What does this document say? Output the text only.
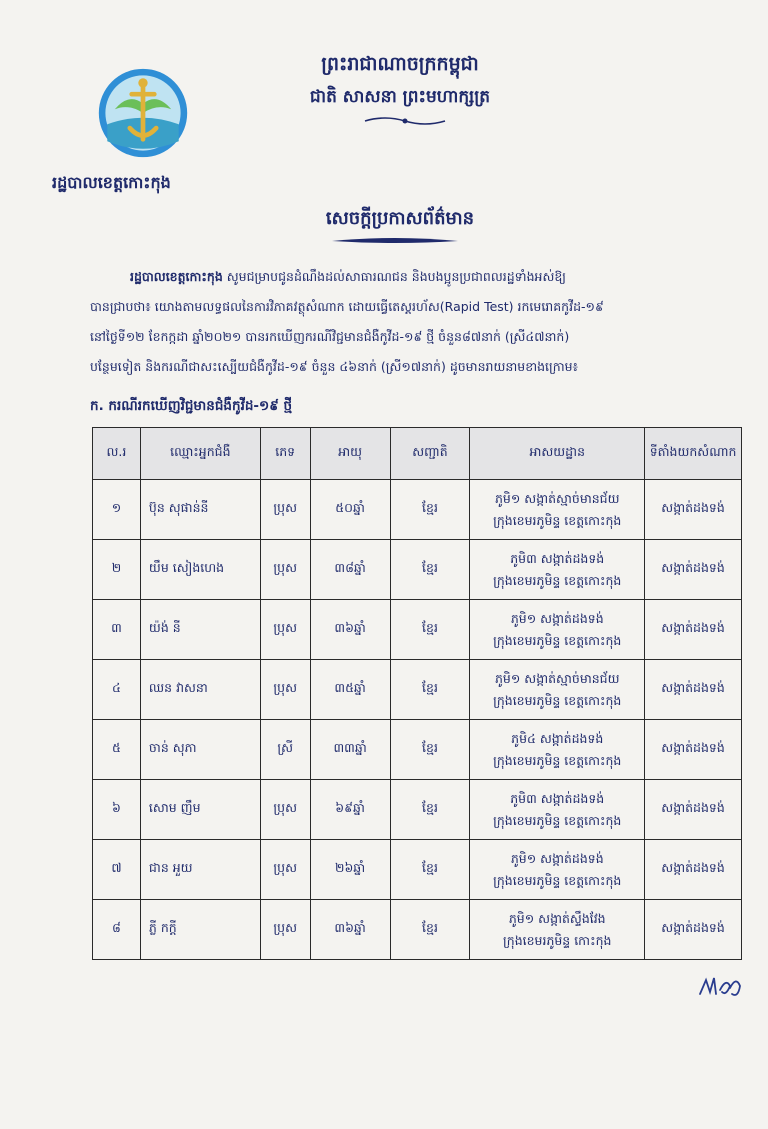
ព្រះរាជាណាចក្រកម្ពុជា
ជាតិ សាសនា ព្រះមហាក្សត្រ
រដ្ឋបាលខេត្តកោះកុង
សេចក្តីប្រកាសព័ត៌មាន
រដ្ឋបាលខេត្តកោះកុង សូមជម្រាបជូនដំណឹងដល់សាធារណជន និងបងប្អូនប្រជាពលរដ្ឋទាំងអស់ឱ្យ
បានជ្រាបថា៖ យោងតាមលទ្ធផលនៃការវិភាគវត្ថុសំណាក ដោយធ្វើតេស្តរហ័ស(Rapid Test) រកមេរោគកូវីដ-១៩
នៅថ្ងៃទី១២ ខែកក្កដា ឆ្នាំ២០២១ បានរកឃើញករណីវិជ្ជមានជំងឺកូវីដ-១៩ ថ្មី ចំនួន៨៧នាក់ (ស្រី៤៧នាក់)
បន្ថែមទៀត និងករណីជាសះស្បើយជំងឺកូវីដ-១៩ ចំនួន ៤៦នាក់ (ស្រី១៧នាក់) ដូចមានរាយនាមខាងក្រោម៖
ក. ករណីរកឃើញវិជ្ជមានជំងឺកូវីដ-១៩ ថ្មី
ល.រ	ឈ្មោះអ្នកជំងឺ	ភេទ	អាយុ	សញ្ជាតិ	អាសយដ្ឋាន	ទីតាំងយកសំណាក
១	ប៊ុន សុផាន់នី	ប្រុស	៥០ឆ្នាំ	ខ្មែរ	ភូមិ១ សង្កាត់ស្មាច់មានជ័យ
ក្រុងខេមរភូមិន្ទ ខេត្តកោះកុង	សង្កាត់ដងទង់
២	យឹម សៀងហេង	ប្រុស	៣៨ឆ្នាំ	ខ្មែរ	ភូមិ៣ សង្កាត់ដងទង់
ក្រុងខេមរភូមិន្ទ ខេត្តកោះកុង	សង្កាត់ដងទង់
៣	យ៉ង់ នី	ប្រុស	៣៦ឆ្នាំ	ខ្មែរ	ភូមិ១ សង្កាត់ដងទង់
ក្រុងខេមរភូមិន្ទ ខេត្តកោះកុង	សង្កាត់ដងទង់
៤	ឈន វាសនា	ប្រុស	៣៥ឆ្នាំ	ខ្មែរ	ភូមិ១ សង្កាត់ស្មាច់មានជ័យ
ក្រុងខេមរភូមិន្ទ ខេត្តកោះកុង	សង្កាត់ដងទង់
៥	ចាន់ សុភា	ស្រី	៣៣ឆ្នាំ	ខ្មែរ	ភូមិ៤ សង្កាត់ដងទង់
ក្រុងខេមរភូមិន្ទ ខេត្តកោះកុង	សង្កាត់ដងទង់
៦	សោម ញឹម	ប្រុស	៦៩ឆ្នាំ	ខ្មែរ	ភូមិ៣ សង្កាត់ដងទង់
ក្រុងខេមរភូមិន្ទ ខេត្តកោះកុង	សង្កាត់ដងទង់
៧	ជាន អួយ	ប្រុស	២៦ឆ្នាំ	ខ្មែរ	ភូមិ១ សង្កាត់ដងទង់
ក្រុងខេមរភូមិន្ទ ខេត្តកោះកុង	សង្កាត់ដងទង់
៨	ភ្លី កក្តី	ប្រុស	៣៦ឆ្នាំ	ខ្មែរ	ភូមិ១ សង្កាត់ស្ទឹងវែង
ក្រុងខេមរភូមិន្ទ កោះកុង	សង្កាត់ដងទង់
